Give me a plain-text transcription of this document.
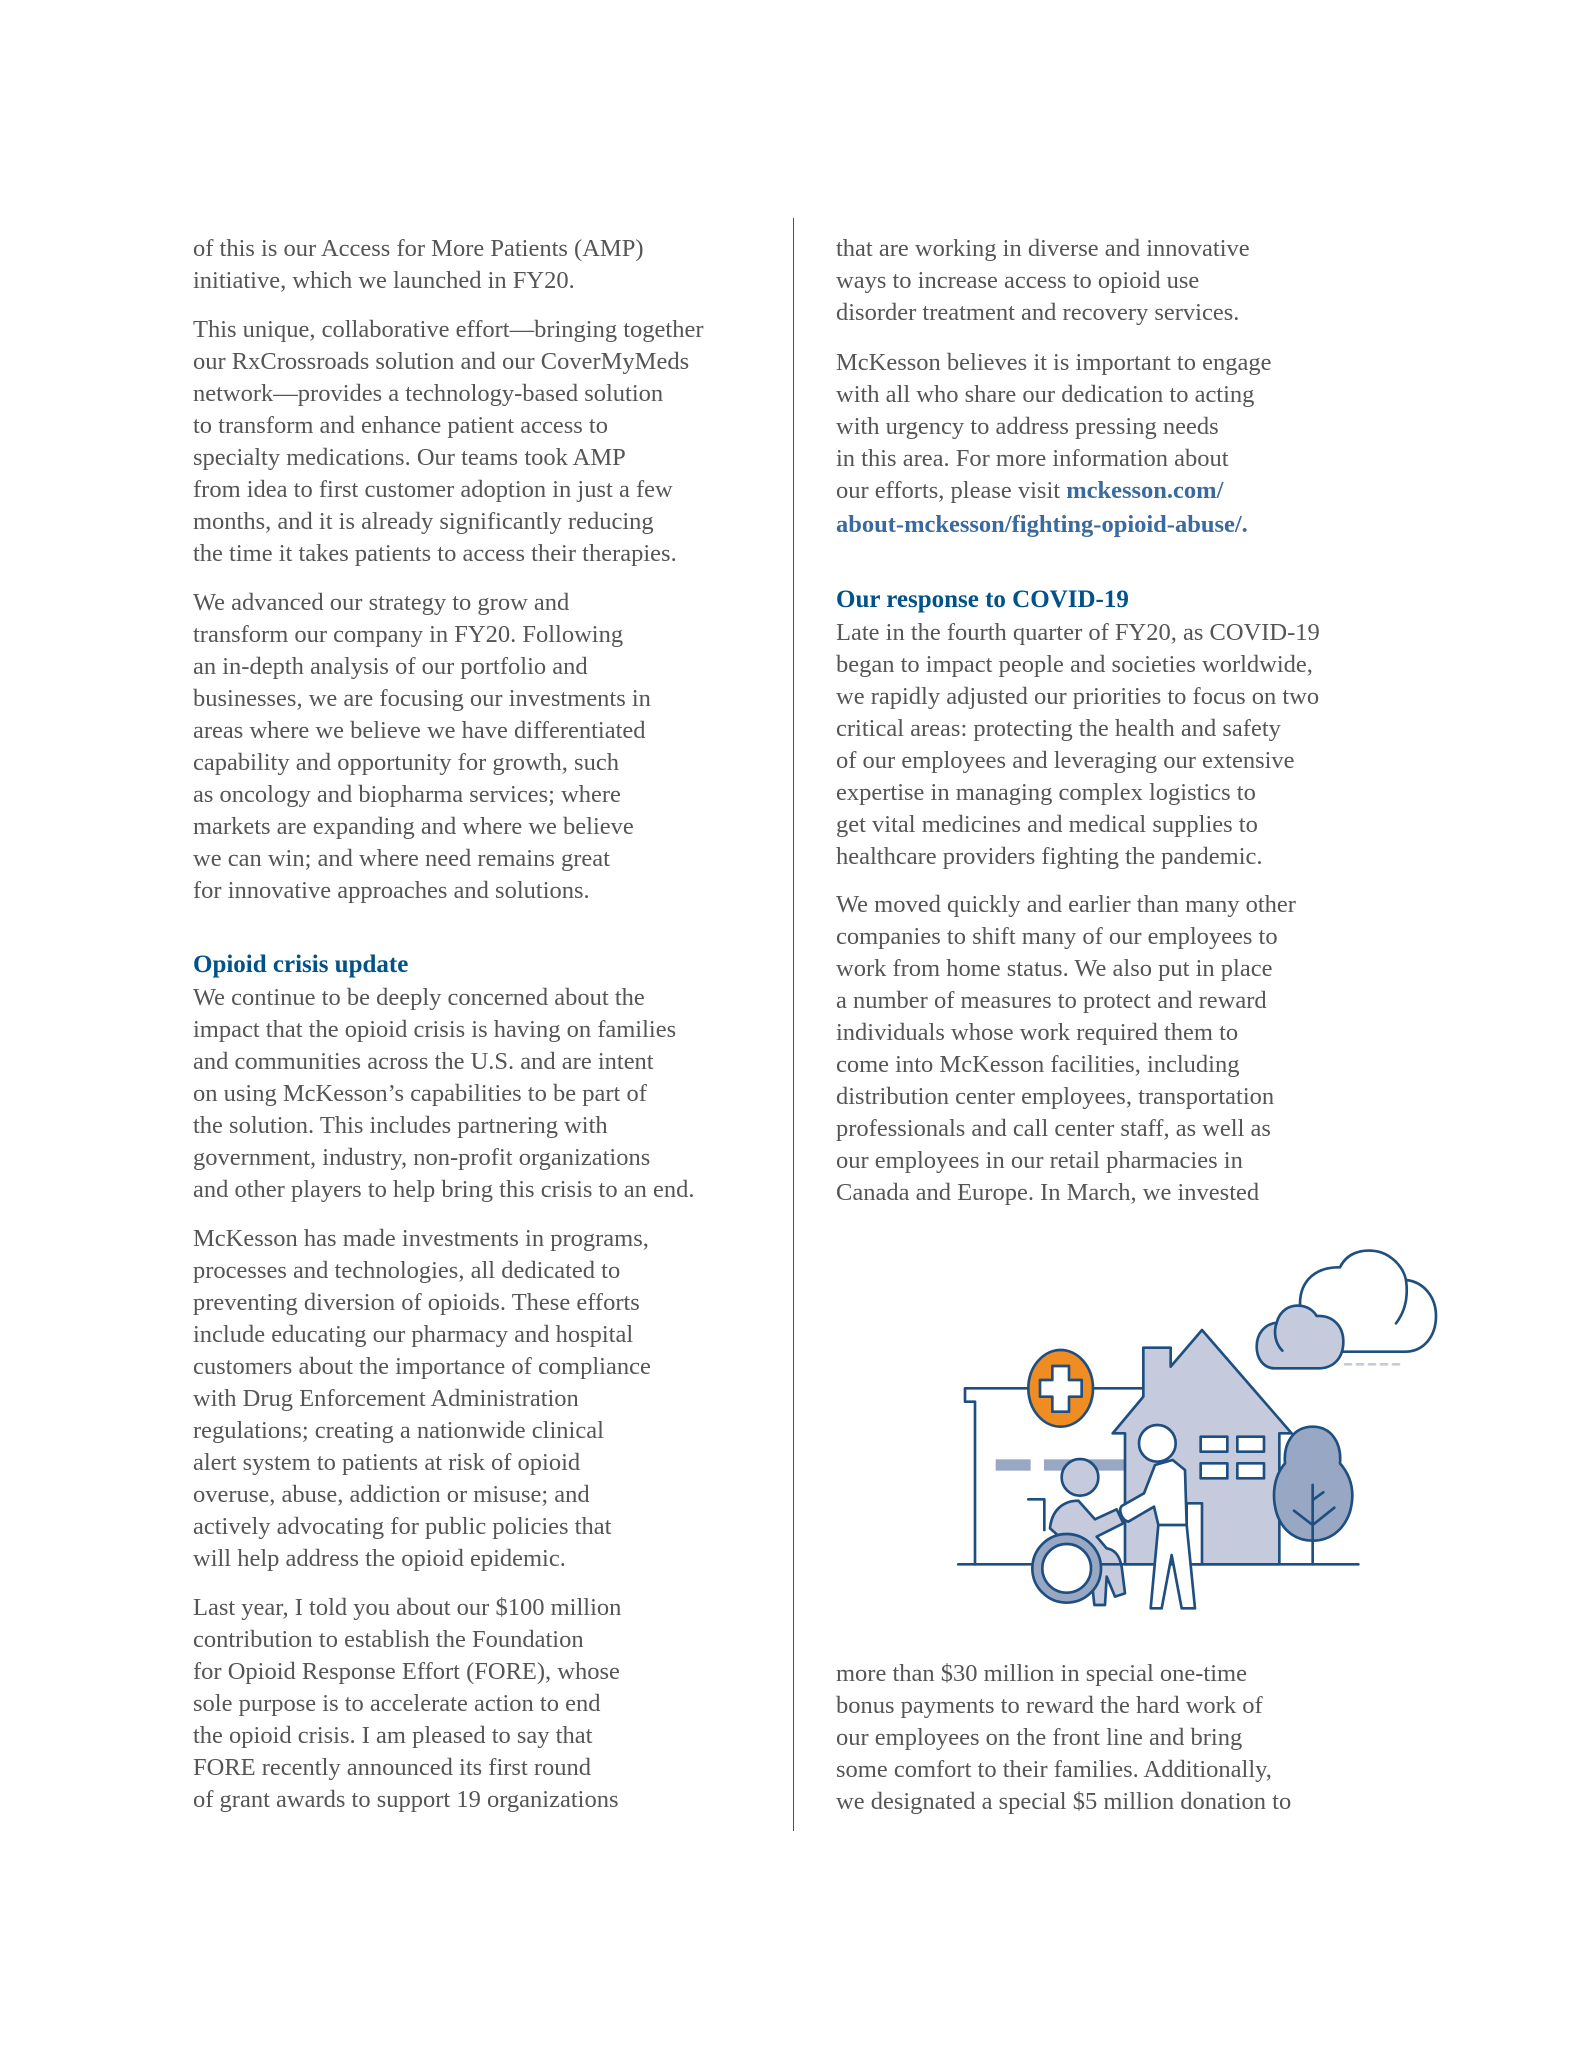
of this is our Access for More Patients (AMP)
initiative, which we launched in FY20.
This unique, collaborative effort—bringing together
our RxCrossroads solution and our CoverMyMeds
network—provides a technology-based solution
to transform and enhance patient access to
specialty medications. Our teams took AMP
from idea to first customer adoption in just a few
months, and it is already significantly reducing
the time it takes patients to access their therapies.
We advanced our strategy to grow and
transform our company in FY20. Following
an in-depth analysis of our portfolio and
businesses, we are focusing our investments in
areas where we believe we have differentiated
capability and opportunity for growth, such
as oncology and biopharma services; where
markets are expanding and where we believe
we can win; and where need remains great
for innovative approaches and solutions.
Opioid crisis update
We continue to be deeply concerned about the
impact that the opioid crisis is having on families
and communities across the U.S. and are intent
on using McKesson’s capabilities to be part of
the solution. This includes partnering with
government, industry, non-profit organizations
and other players to help bring this crisis to an end.
McKesson has made investments in programs,
processes and technologies, all dedicated to
preventing diversion of opioids. These efforts
include educating our pharmacy and hospital
customers about the importance of compliance
with Drug Enforcement Administration
regulations; creating a nationwide clinical
alert system to patients at risk of opioid
overuse, abuse, addiction or misuse; and
actively advocating for public policies that
will help address the opioid epidemic.
Last year, I told you about our $100 million
contribution to establish the Foundation
for Opioid Response Effort (FORE), whose
sole purpose is to accelerate action to end
the opioid crisis. I am pleased to say that
FORE recently announced its first round
of grant awards to support 19 organizations
that are working in diverse and innovative
ways to increase access to opioid use
disorder treatment and recovery services.
McKesson believes it is important to engage
with all who share our dedication to acting
with urgency to address pressing needs
in this area. For more information about
our efforts, please visit mckesson.com/
about-mckesson/fighting-opioid-abuse/.
Our response to COVID-19
Late in the fourth quarter of FY20, as COVID-19
began to impact people and societies worldwide,
we rapidly adjusted our priorities to focus on two
critical areas: protecting the health and safety
of our employees and leveraging our extensive
expertise in managing complex logistics to
get vital medicines and medical supplies to
healthcare providers fighting the pandemic.
We moved quickly and earlier than many other
companies to shift many of our employees to
work from home status. We also put in place
a number of measures to protect and reward
individuals whose work required them to
come into McKesson facilities, including
distribution center employees, transportation
professionals and call center staff, as well as
our employees in our retail pharmacies in
Canada and Europe. In March, we invested
more than $30 million in special one-time
bonus payments to reward the hard work of
our employees on the front line and bring
some comfort to their families. Additionally,
we designated a special $5 million donation to
